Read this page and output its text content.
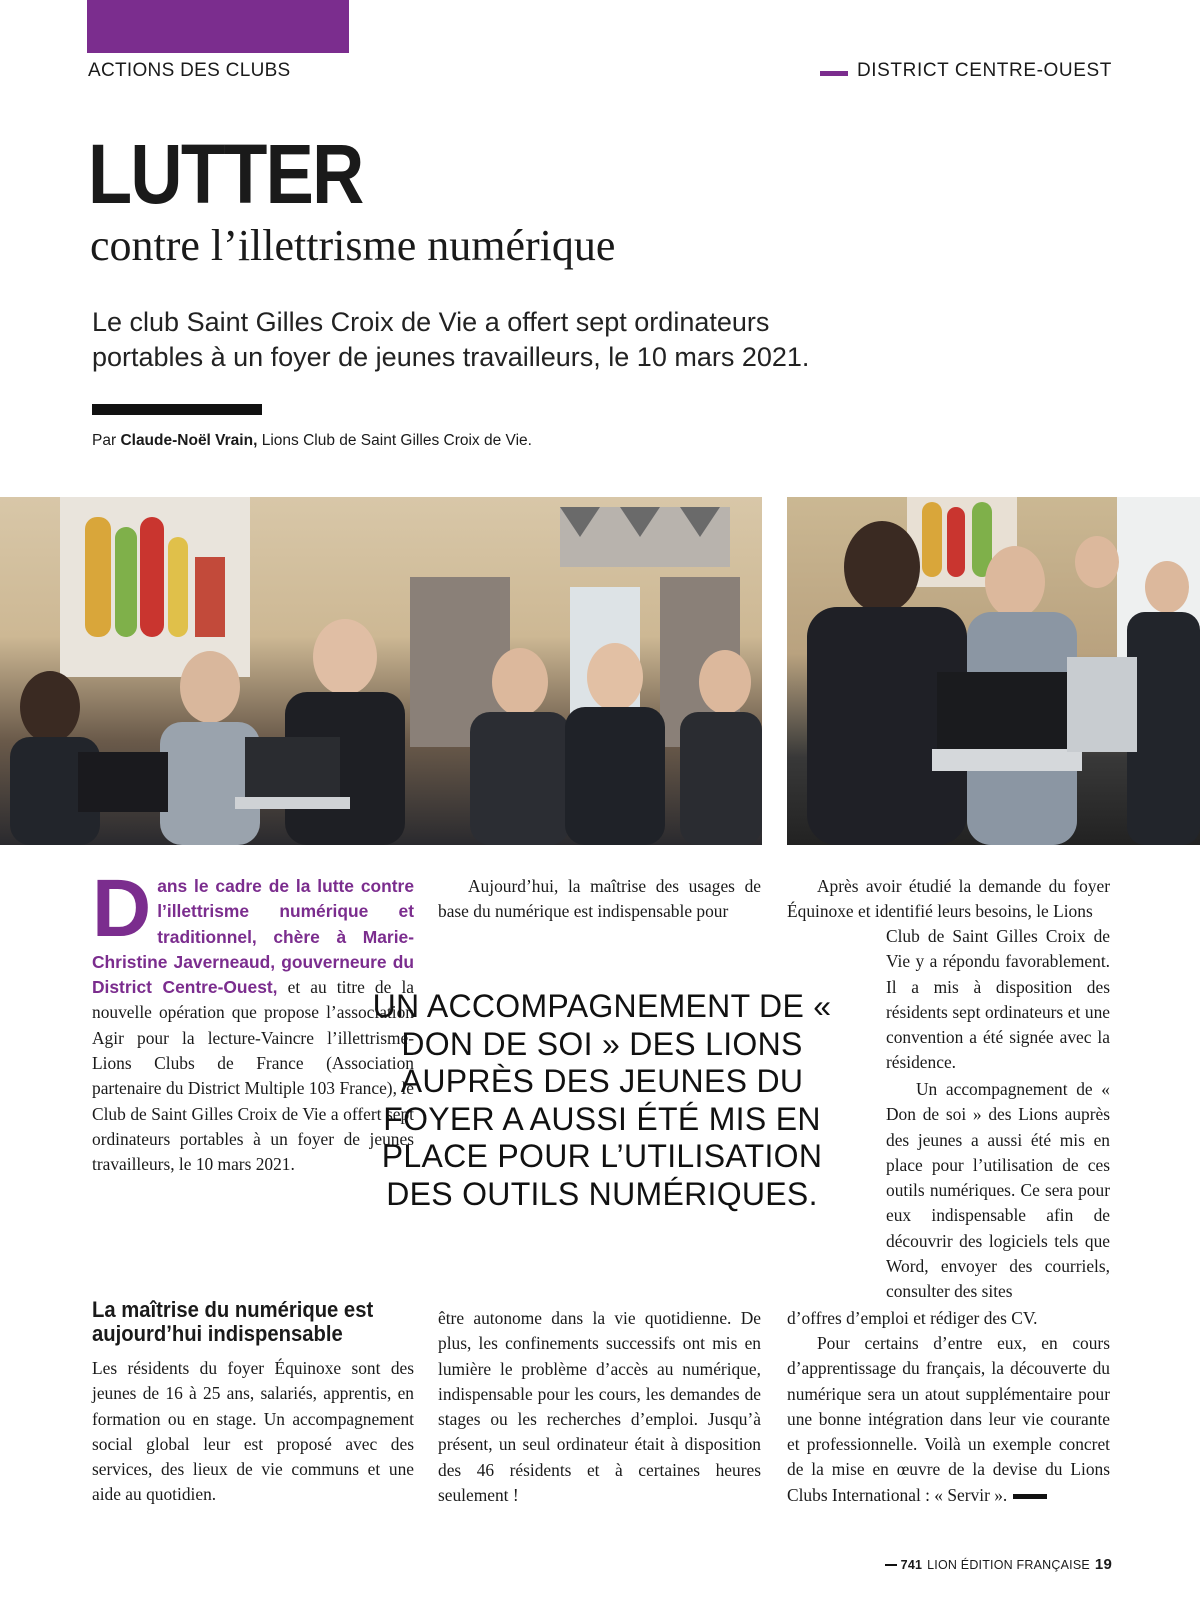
ACTIONS DES CLUBS	DISTRICT CENTRE-OUEST
LUTTER
contre l’illettrisme numérique
Le club Saint Gilles Croix de Vie a offert sept ordinateurs portables à un foyer de jeunes travailleurs, le 10 mars 2021.
Par Claude-Noël Vrain, Lions Club de Saint Gilles Croix de Vie.
D ans le cadre de la lutte contre l’illettrisme numérique et traditionnel, chère à Marie-Christine Javerneaud, gouverneure du District Centre-Ouest, et au titre de la nouvelle opération que propose l’association Agir pour la lecture-Vaincre l’illettrisme-Lions Clubs de France (Association partenaire du District Multiple 103 France), le Club de Saint Gilles Croix de Vie a offert sept ordinateurs portables à un foyer de jeunes travailleurs, le 10 mars 2021.
La maîtrise du numérique est aujourd’hui indispensable
Les résidents du foyer Équinoxe sont des jeunes de 16 à 25 ans, salariés, apprentis, en formation ou en stage. Un accompagnement social global leur est proposé avec des services, des lieux de vie communs et une aide au quotidien.
Aujourd’hui, la maîtrise des usages de base du numérique est indispensable pour
UN ACCOMPAGNEMENT DE « DON DE SOI » DES LIONS AUPRÈS DES JEUNES DU FOYER A AUSSI ÉTÉ MIS EN PLACE POUR L’UTILISATION DES OUTILS NUMÉRIQUES.
être autonome dans la vie quotidienne. De plus, les confinements successifs ont mis en lumière le problème d’accès au numérique, indispensable pour les cours, les demandes de stages ou les recherches d’emploi. Jusqu’à présent, un seul ordinateur était à disposition des 46 résidents et à certaines heures seulement !
Après avoir étudié la demande du foyer Équinoxe et identifié leurs besoins, le Lions
Club de Saint Gilles Croix de Vie y a répondu favorablement. Il a mis à disposition des résidents sept ordinateurs et une convention a été signée avec la résidence.
Un accompagnement de « Don de soi » des Lions auprès des jeunes a aussi été mis en place pour l’utilisation de ces outils numériques. Ce sera pour eux indispensable afin de découvrir des logiciels tels que Word, envoyer des courriels, consulter des sites
d’offres d’emploi et rédiger des CV.
Pour certains d’entre eux, en cours d’apprentissage du français, la découverte du numérique sera un atout supplémentaire pour une bonne intégration dans leur vie courante et professionnelle. Voilà un exemple concret de la mise en œuvre de la devise du Lions Clubs International : « Servir ».
741 LION ÉDITION FRANÇAISE 19
